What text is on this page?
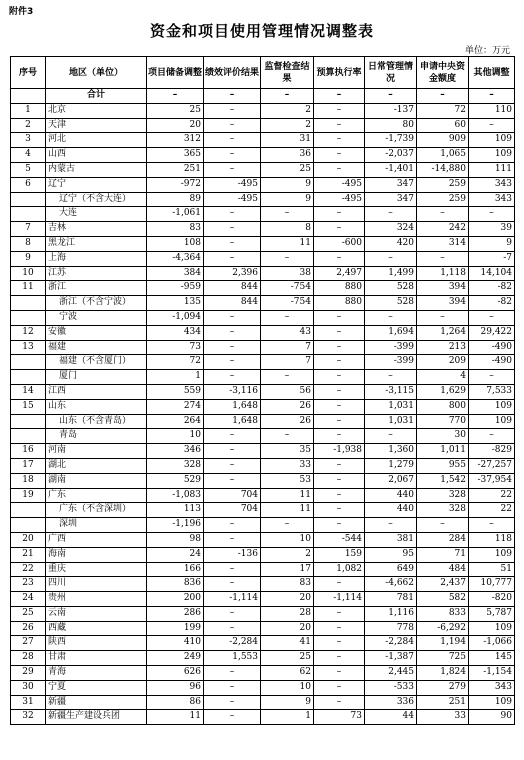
附件3
资金和项目使用管理情况调整表
单位：万元
序号	地区（单位）	项目储备调整	绩效评价结果	监督检查结果	预算执行率	日常管理情况	申请中央资金额度	其他调整
	合计	–	–	–	–	–	–	–
1	北京	25	–	2	–	-137	72	110
2	天津	20	–	2	–	80	60	–
3	河北	312	–	31	–	-1,739	909	109
4	山西	365	–	36	–	-2,037	1,065	109
5	内蒙古	251	–	25	–	-1,401	-14,880	111
6	辽宁	-972	-495	9	-495	347	259	343
	辽宁（不含大连）	89	-495	9	-495	347	259	343
	大连	-1,061	–	–	–	–	–	–
7	吉林	83	–	8	–	324	242	39
8	黑龙江	108	–	11	-600	420	314	9
9	上海	-4,364	–	–	–	–	–	-7
10	江苏	384	2,396	38	2,497	1,499	1,118	14,104
11	浙江	-959	844	-754	880	528	394	-82
	浙江（不含宁波）	135	844	-754	880	528	394	-82
	宁波	-1,094	–	–	–	–	–	–
12	安徽	434	–	43	–	1,694	1,264	29,422
13	福建	73	–	7	–	-399	213	-490
	福建（不含厦门）	72	–	7	–	-399	209	-490
	厦门	1	–	–	–	–	4	–
14	江西	559	-3,116	56	–	-3,115	1,629	7,533
15	山东	274	1,648	26	–	1,031	800	109
	山东（不含青岛）	264	1,648	26	–	1,031	770	109
	青岛	10	–	–	–	–	30	–
16	河南	346	–	35	-1,938	1,360	1,011	-829
17	湖北	328	–	33	–	1,279	955	-27,257
18	湖南	529	–	53	–	2,067	1,542	-37,954
19	广东	-1,083	704	11	–	440	328	22
	广东（不含深圳）	113	704	11	–	440	328	22
	深圳	-1,196	–	–	–	–	–	–
20	广西	98	–	10	-544	381	284	118
21	海南	24	-136	2	159	95	71	109
22	重庆	166	–	17	1,082	649	484	51
23	四川	836	–	83	–	-4,662	2,437	10,777
24	贵州	200	-1,114	20	-1,114	781	582	-820
25	云南	286	–	28	–	1,116	833	5,787
26	西藏	199	–	20	–	778	-6,292	109
27	陕西	410	-2,284	41	–	-2,284	1,194	-1,066
28	甘肃	249	1,553	25	–	-1,387	725	145
29	青海	626	–	62	–	2,445	1,824	-1,154
30	宁夏	96	–	10	–	-533	279	343
31	新疆	86	–	9	–	336	251	109
32	新疆生产建设兵团	11	–	1	73	44	33	90
